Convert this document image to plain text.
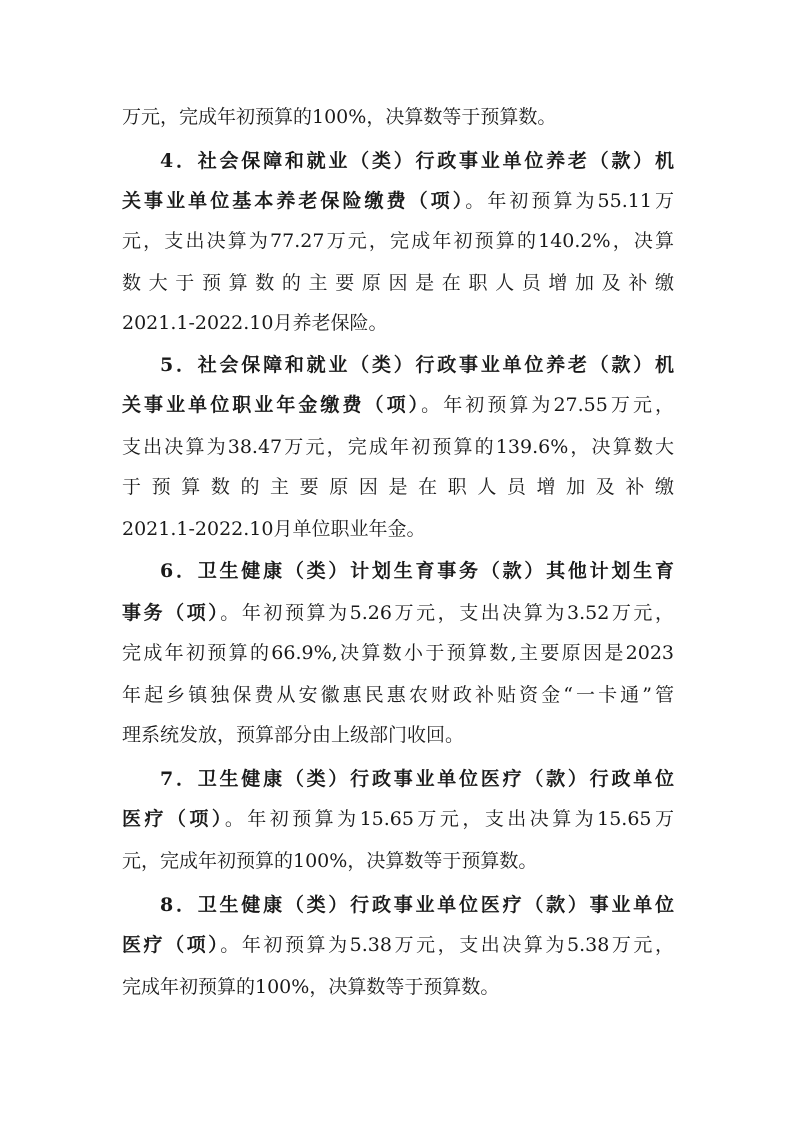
万元，完成年初预算的100%，决算数等于预算数。
4．社会保障和就业（类）行政事业单位养老（款）机
关事业单位基本养老保险缴费（项）。年初预算为55.11万
元，支出决算为77.27万元，完成年初预算的140.2%，决算
数大于预算数的主要原因是在职人员增加及补缴
2021.1-2022.10月养老保险。
5．社会保障和就业（类）行政事业单位养老（款）机
关事业单位职业年金缴费（项）。年初预算为27.55万元，
支出决算为38.47万元，完成年初预算的139.6%，决算数大
于预算数的主要原因是在职人员增加及补缴
2021.1-2022.10月单位职业年金。
6．卫生健康（类）计划生育事务（款）其他计划生育
事务（项）。年初预算为5.26万元，支出决算为3.52万元，
完成年初预算的66.9%,决算数小于预算数,主要原因是2023
年起乡镇独保费从安徽惠民惠农财政补贴资金“一卡通”管
理系统发放，预算部分由上级部门收回。
7．卫生健康（类）行政事业单位医疗（款）行政单位
医疗（项）。年初预算为15.65万元，支出决算为15.65万
元，完成年初预算的100%，决算数等于预算数。
8．卫生健康（类）行政事业单位医疗（款）事业单位
医疗（项）。年初预算为5.38万元，支出决算为5.38万元，
完成年初预算的100%，决算数等于预算数。
